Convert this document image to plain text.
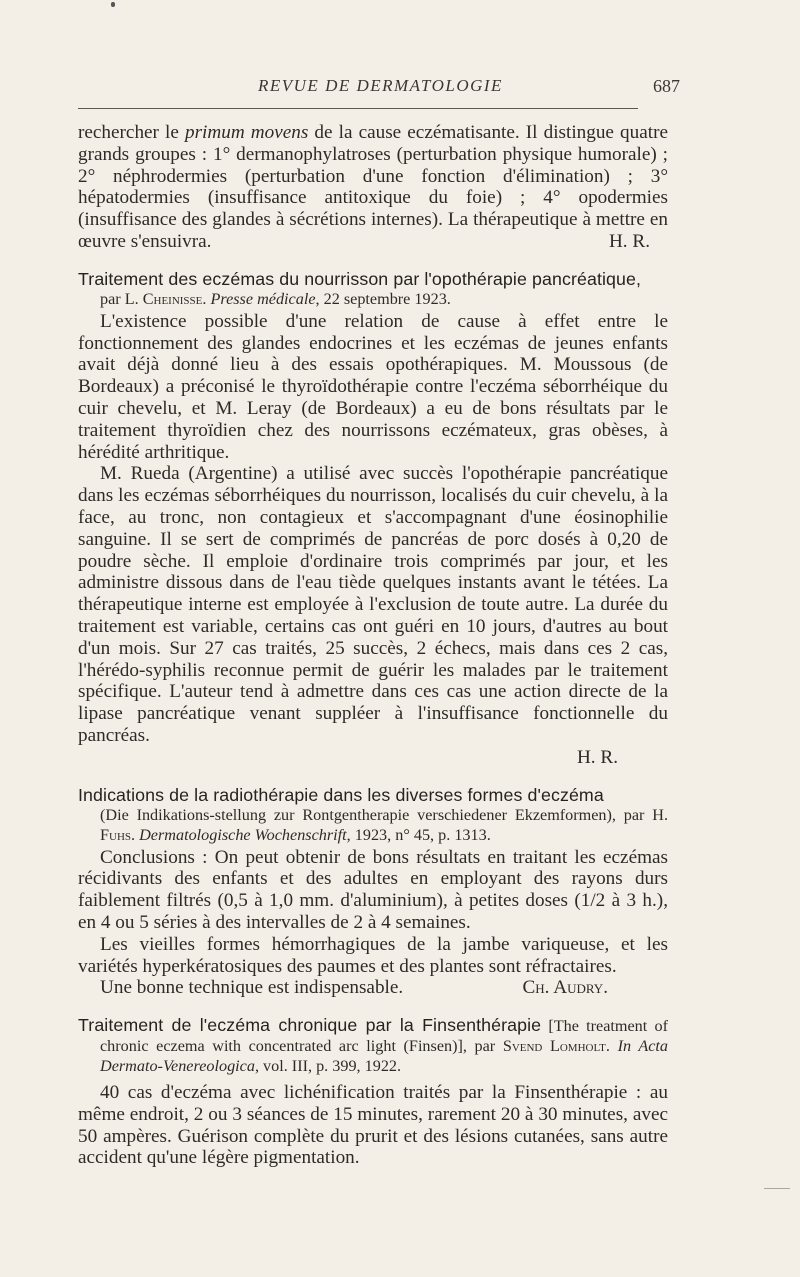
REVUE DE DERMATOLOGIE	687

rechercher le primum movens de la cause eczématisante. Il distingue quatre grands groupes : 1° dermanophylatroses (perturbation physique humorale) ; 2° néphrodermies (perturbation d'une fonction d'élimination) ; 3° hépatodermies (insuffisance antitoxique du foie) ; 4° opodermies (insuffisance des glandes à sécrétions internes). La thérapeutique à mettre en œuvre s'ensuivra.	H. R.

Traitement des eczémas du nourrisson par l'opothérapie pancréatique,

par L. Cheinisse. Presse médicale, 22 septembre 1923.

L'existence possible d'une relation de cause à effet entre le fonctionnement des glandes endocrines et les eczémas de jeunes enfants avait déjà donné lieu à des essais opothérapiques. M. Moussous (de Bordeaux) a préconisé le thyroïdothérapie contre l'eczéma séborrhéique du cuir chevelu, et M. Leray (de Bordeaux) a eu de bons résultats par le traitement thyroïdien chez des nourrissons eczémateux, gras obèses, à hérédité arthritique.

M. Rueda (Argentine) a utilisé avec succès l'opothérapie pancréatique dans les eczémas séborrhéiques du nourrisson, localisés du cuir chevelu, à la face, au tronc, non contagieux et s'accompagnant d'une éosinophilie sanguine. Il se sert de comprimés de pancréas de porc dosés à 0,20 de poudre sèche. Il emploie d'ordinaire trois comprimés par jour, et les administre dissous dans de l'eau tiède quelques instants avant le tétées. La thérapeutique interne est employée à l'exclusion de toute autre. La durée du traitement est variable, certains cas ont guéri en 10 jours, d'autres au bout d'un mois. Sur 27 cas traités, 25 succès, 2 échecs, mais dans ces 2 cas, l'hérédo-syphilis reconnue permit de guérir les malades par le traitement spécifique. L'auteur tend à admettre dans ces cas une action directe de la lipase pancréatique venant suppléer à l'insuffisance fonctionnelle du pancréas.

H. R.

Indications de la radiothérapie dans les diverses formes d'eczéma

(Die Indikations-stellung zur Rontgentherapie verschiedener Ekzemformen), par H. Fuhs. Dermatologische Wochenschrift, 1923, n° 45, p. 1313.

Conclusions : On peut obtenir de bons résultats en traitant les eczémas récidivants des enfants et des adultes en employant des rayons durs faiblement filtrés (0,5 à 1,0 mm. d'aluminium), à petites doses (1/2 à 3 h.), en 4 ou 5 séries à des intervalles de 2 à 4 semaines.

Les vieilles formes hémorrhagiques de la jambe variqueuse, et les variétés hyperkératosiques des paumes et des plantes sont réfractaires.

Une bonne technique est indispensable.	Ch. Audry.

Traitement de l'eczéma chronique par la Finsenthérapie [The treatment of chronic eczema with concentrated arc light (Finsen)], par Svend Lomholt. In Acta Dermato-Venereologica, vol. III, p. 399, 1922.

40 cas d'eczéma avec lichénification traités par la Finsenthérapie : au même endroit, 2 ou 3 séances de 15 minutes, rarement 20 à 30 minutes, avec 50 ampères. Guérison complète du prurit et des lésions cutanées, sans autre accident qu'une légère pigmentation.
